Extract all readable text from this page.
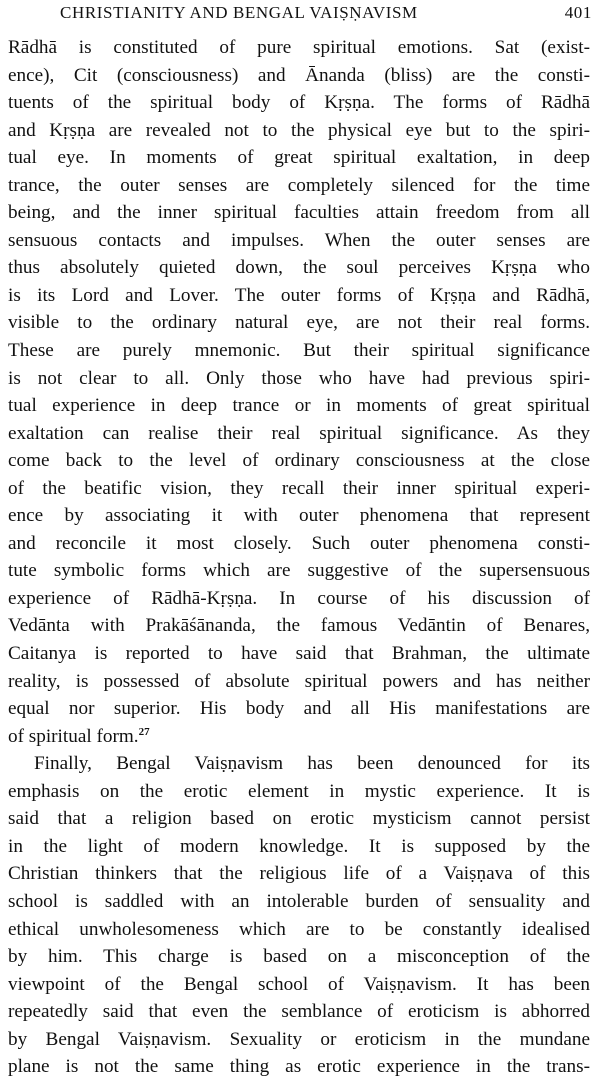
CHRISTIANITY AND BENGAL VAIṢṆAVISM	401
Rādhā is constituted of pure spiritual emotions. Sat (exist-
ence), Cit (consciousness) and Ānanda (bliss) are the consti-
tuents of the spiritual body of Kṛṣṇa. The forms of Rādhā
and Kṛṣṇa are revealed not to the physical eye but to the spiri-
tual eye. In moments of great spiritual exaltation, in deep
trance, the outer senses are completely silenced for the time
being, and the inner spiritual faculties attain freedom from all
sensuous contacts and impulses. When the outer senses are
thus absolutely quieted down, the soul perceives Kṛṣṇa who
is its Lord and Lover. The outer forms of Kṛṣṇa and Rādhā,
visible to the ordinary natural eye, are not their real forms.
These are purely mnemonic. But their spiritual significance
is not clear to all. Only those who have had previous spiri-
tual experience in deep trance or in moments of great spiritual
exaltation can realise their real spiritual significance. As they
come back to the level of ordinary consciousness at the close
of the beatific vision, they recall their inner spiritual experi-
ence by associating it with outer phenomena that represent
and reconcile it most closely. Such outer phenomena consti-
tute symbolic forms which are suggestive of the supersensuous
experience of Rādhā-Kṛṣṇa. In course of his discussion of
Vedānta with Prakāśānanda, the famous Vedāntin of Benares,
Caitanya is reported to have said that Brahman, the ultimate
reality, is possessed of absolute spiritual powers and has neither
equal nor superior. His body and all His manifestations are
of spiritual form.$^{27}$
Finally, Bengal Vaiṣṇavism has been denounced for its
emphasis on the erotic element in mystic experience. It is
said that a religion based on erotic mysticism cannot persist
in the light of modern knowledge. It is supposed by the
Christian thinkers that the religious life of a Vaiṣṇava of this
school is saddled with an intolerable burden of sensuality and
ethical unwholesomeness which are to be constantly idealised
by him. This charge is based on a misconception of the
viewpoint of the Bengal school of Vaiṣṇavism. It has been
repeatedly said that even the semblance of eroticism is abhorred
by Bengal Vaiṣṇavism. Sexuality or eroticism in the mundane
plane is not the same thing as erotic experience in the trans-
